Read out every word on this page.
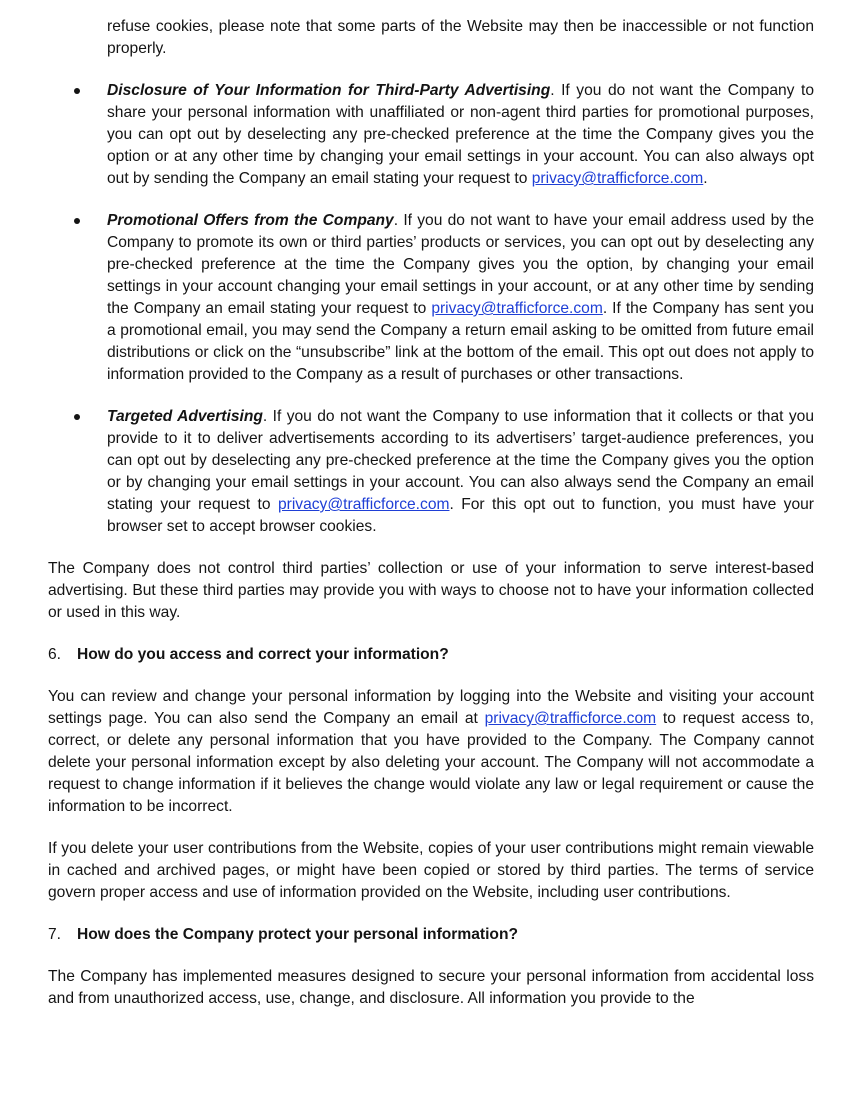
refuse cookies, please note that some parts of the Website may then be inaccessible or not function properly.

Disclosure of Your Information for Third-Party Advertising. If you do not want the Company to share your personal information with unaffiliated or non-agent third parties for promotional purposes, you can opt out by deselecting any pre-checked preference at the time the Company gives you the option or at any other time by changing your email settings in your account. You can also always opt out by sending the Company an email stating your request to privacy@trafficforce.com.
Promotional Offers from the Company. If you do not want to have your email address used by the Company to promote its own or third parties’ products or services, you can opt out by deselecting any pre-checked preference at the time the Company gives you the option, by changing your email settings in your account changing your email settings in your account, or at any other time by sending the Company an email stating your request to privacy@trafficforce.com. If the Company has sent you a promotional email, you may send the Company a return email asking to be omitted from future email distributions or click on the “unsubscribe” link at the bottom of the email. This opt out does not apply to information provided to the Company as a result of purchases or other transactions.
Targeted Advertising. If you do not want the Company to use information that it collects or that you provide to it to deliver advertisements according to its advertisers’ target-audience preferences, you can opt out by deselecting any pre-checked preference at the time the Company gives you the option or by changing your email settings in your account. You can also always send the Company an email stating your request to privacy@trafficforce.com. For this opt out to function, you must have your browser set to accept browser cookies.

The Company does not control third parties’ collection or use of your information to serve interest-based advertising. But these third parties may provide you with ways to choose not to have your information collected or used in this way.

6. How do you access and correct your information?

You can review and change your personal information by logging into the Website and visiting your account settings page. You can also send the Company an email at privacy@trafficforce.com to request access to, correct, or delete any personal information that you have provided to the Company. The Company cannot delete your personal information except by also deleting your account. The Company will not accommodate a request to change information if it believes the change would violate any law or legal requirement or cause the information to be incorrect.

If you delete your user contributions from the Website, copies of your user contributions might remain viewable in cached and archived pages, or might have been copied or stored by third parties. The terms of service govern proper access and use of information provided on the Website, including user contributions.

7. How does the Company protect your personal information?

The Company has implemented measures designed to secure your personal information from accidental loss and from unauthorized access, use, change, and disclosure. All information you provide to the
